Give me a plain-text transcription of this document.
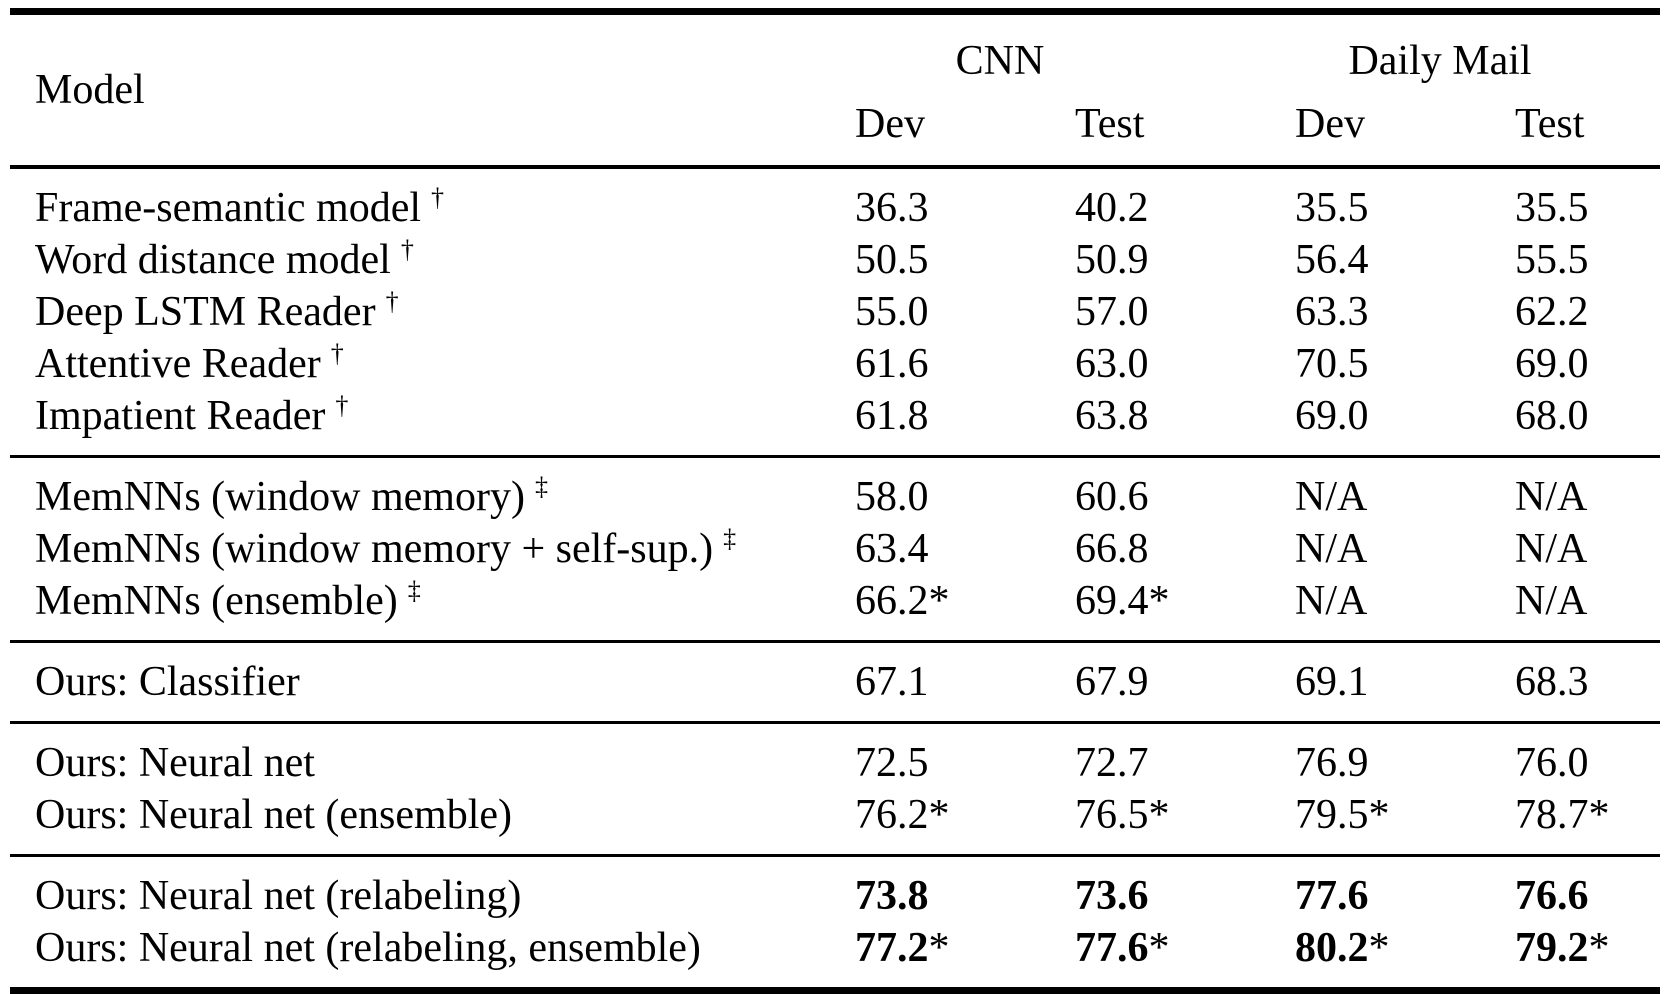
Model	CNN		Daily Mail	
	Dev	Test	Dev	Test
Frame-semantic model †	36.3	40.2	35.5	35.5
Word distance model †	50.5	50.9	56.4	55.5
Deep LSTM Reader †	55.0	57.0	63.3	62.2
Attentive Reader †	61.6	63.0	70.5	69.0
Impatient Reader †	61.8	63.8	69.0	68.0
MemNNs (window memory) ‡	58.0	60.6	N/A	N/A
MemNNs (window memory + self-sup.) ‡	63.4	66.8	N/A	N/A
MemNNs (ensemble) ‡	66.2*	69.4*	N/A	N/A
Ours: Classifier	67.1	67.9	69.1	68.3
Ours: Neural net	72.5	72.7	76.9	76.0
Ours: Neural net (ensemble)	76.2*	76.5*	79.5*	78.7*
Ours: Neural net (relabeling)	73.8	73.6	77.6	76.6
Ours: Neural net (relabeling, ensemble)	77.2*	77.6*	80.2*	79.2*
